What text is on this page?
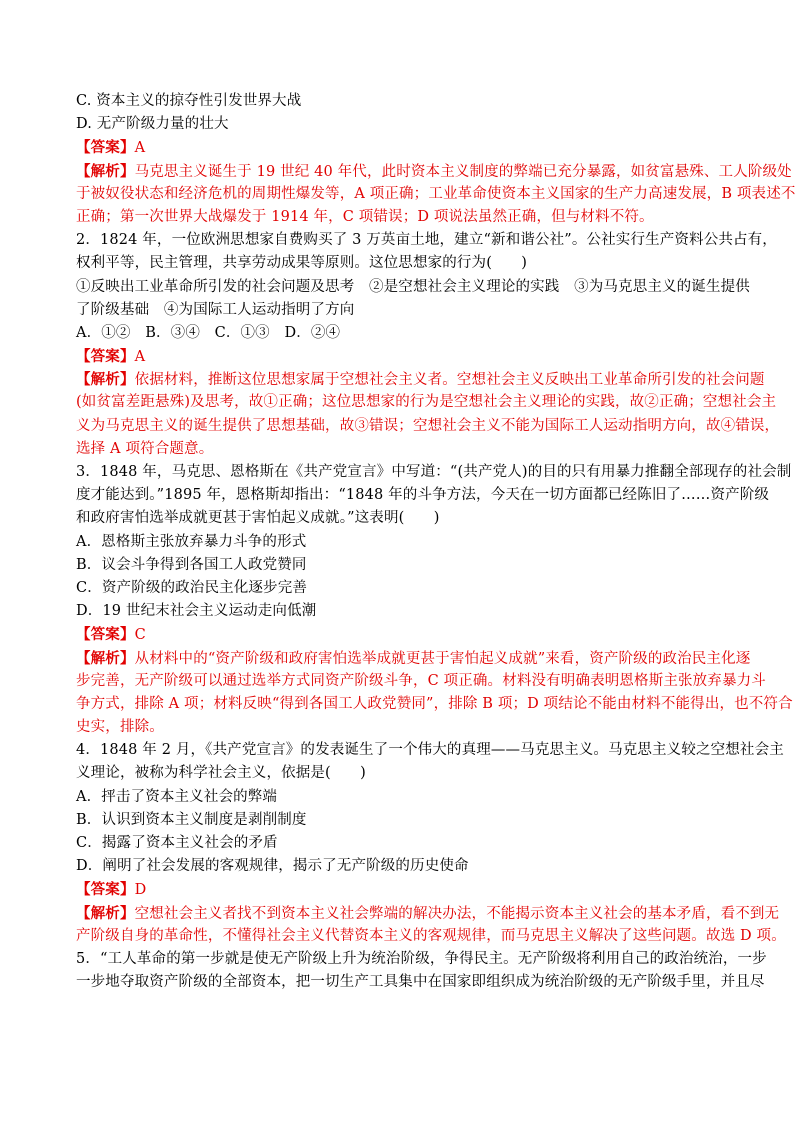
C. 资本主义的掠夺性引发世界大战
D. 无产阶级力量的壮大
【答案】A
【解析】马克思主义诞生于 19 世纪 40 年代，此时资本主义制度的弊端已充分暴露，如贫富悬殊、工人阶级处
于被奴役状态和经济危机的周期性爆发等，A 项正确；工业革命使资本主义国家的生产力高速发展，B 项表述不
正确；第一次世界大战爆发于 1914 年，C 项错误；D 项说法虽然正确，但与材料不符。
2．1824 年，一位欧洲思想家自费购买了 3 万英亩土地，建立“新和谐公社”。公社实行生产资料公共占有，
权利平等，民主管理，共享劳动成果等原则。这位思想家的行为(　　)
①反映出工业革命所引发的社会问题及思考　②是空想社会主义理论的实践　③为马克思主义的诞生提供
了阶级基础　④为国际工人运动指明了方向
A．①②　B．③④　C．①③　D．②④
【答案】A
【解析】依据材料，推断这位思想家属于空想社会主义者。空想社会主义反映出工业革命所引发的社会问题
(如贫富差距悬殊)及思考，故①正确；这位思想家的行为是空想社会主义理论的实践，故②正确；空想社会主
义为马克思主义的诞生提供了思想基础，故③错误；空想社会主义不能为国际工人运动指明方向，故④错误，
选择 A 项符合题意。
3．1848 年，马克思、恩格斯在《共产党宣言》中写道：“(共产党人)的目的只有用暴力推翻全部现存的社会制
度才能达到。”1895 年，恩格斯却指出：“1848 年的斗争方法，今天在一切方面都已经陈旧了……资产阶级
和政府害怕选举成就更甚于害怕起义成就。”这表明(　　)
A．恩格斯主张放弃暴力斗争的形式
B．议会斗争得到各国工人政党赞同
C．资产阶级的政治民主化逐步完善
D．19 世纪末社会主义运动走向低潮
【答案】C
【解析】从材料中的“资产阶级和政府害怕选举成就更甚于害怕起义成就”来看，资产阶级的政治民主化逐
步完善，无产阶级可以通过选举方式同资产阶级斗争，C 项正确。材料没有明确表明恩格斯主张放弃暴力斗
争方式，排除 A 项；材料反映“得到各国工人政党赞同”，排除 B 项；D 项结论不能由材料不能得出，也不符合
史实，排除。
4．1848 年 2 月，《共产党宣言》的发表诞生了一个伟大的真理——马克思主义。马克思主义较之空想社会主
义理论，被称为科学社会主义，依据是(　　)
A．抨击了资本主义社会的弊端
B．认识到资本主义制度是剥削制度
C．揭露了资本主义社会的矛盾
D．阐明了社会发展的客观规律，揭示了无产阶级的历史使命
【答案】D
【解析】空想社会主义者找不到资本主义社会弊端的解决办法，不能揭示资本主义社会的基本矛盾，看不到无
产阶级自身的革命性，不懂得社会主义代替资本主义的客观规律，而马克思主义解决了这些问题。故选 D 项。
5．“工人革命的第一步就是使无产阶级上升为统治阶级，争得民主。无产阶级将利用自己的政治统治，一步
一步地夺取资产阶级的全部资本，把一切生产工具集中在国家即组织成为统治阶级的无产阶级手里，并且尽
